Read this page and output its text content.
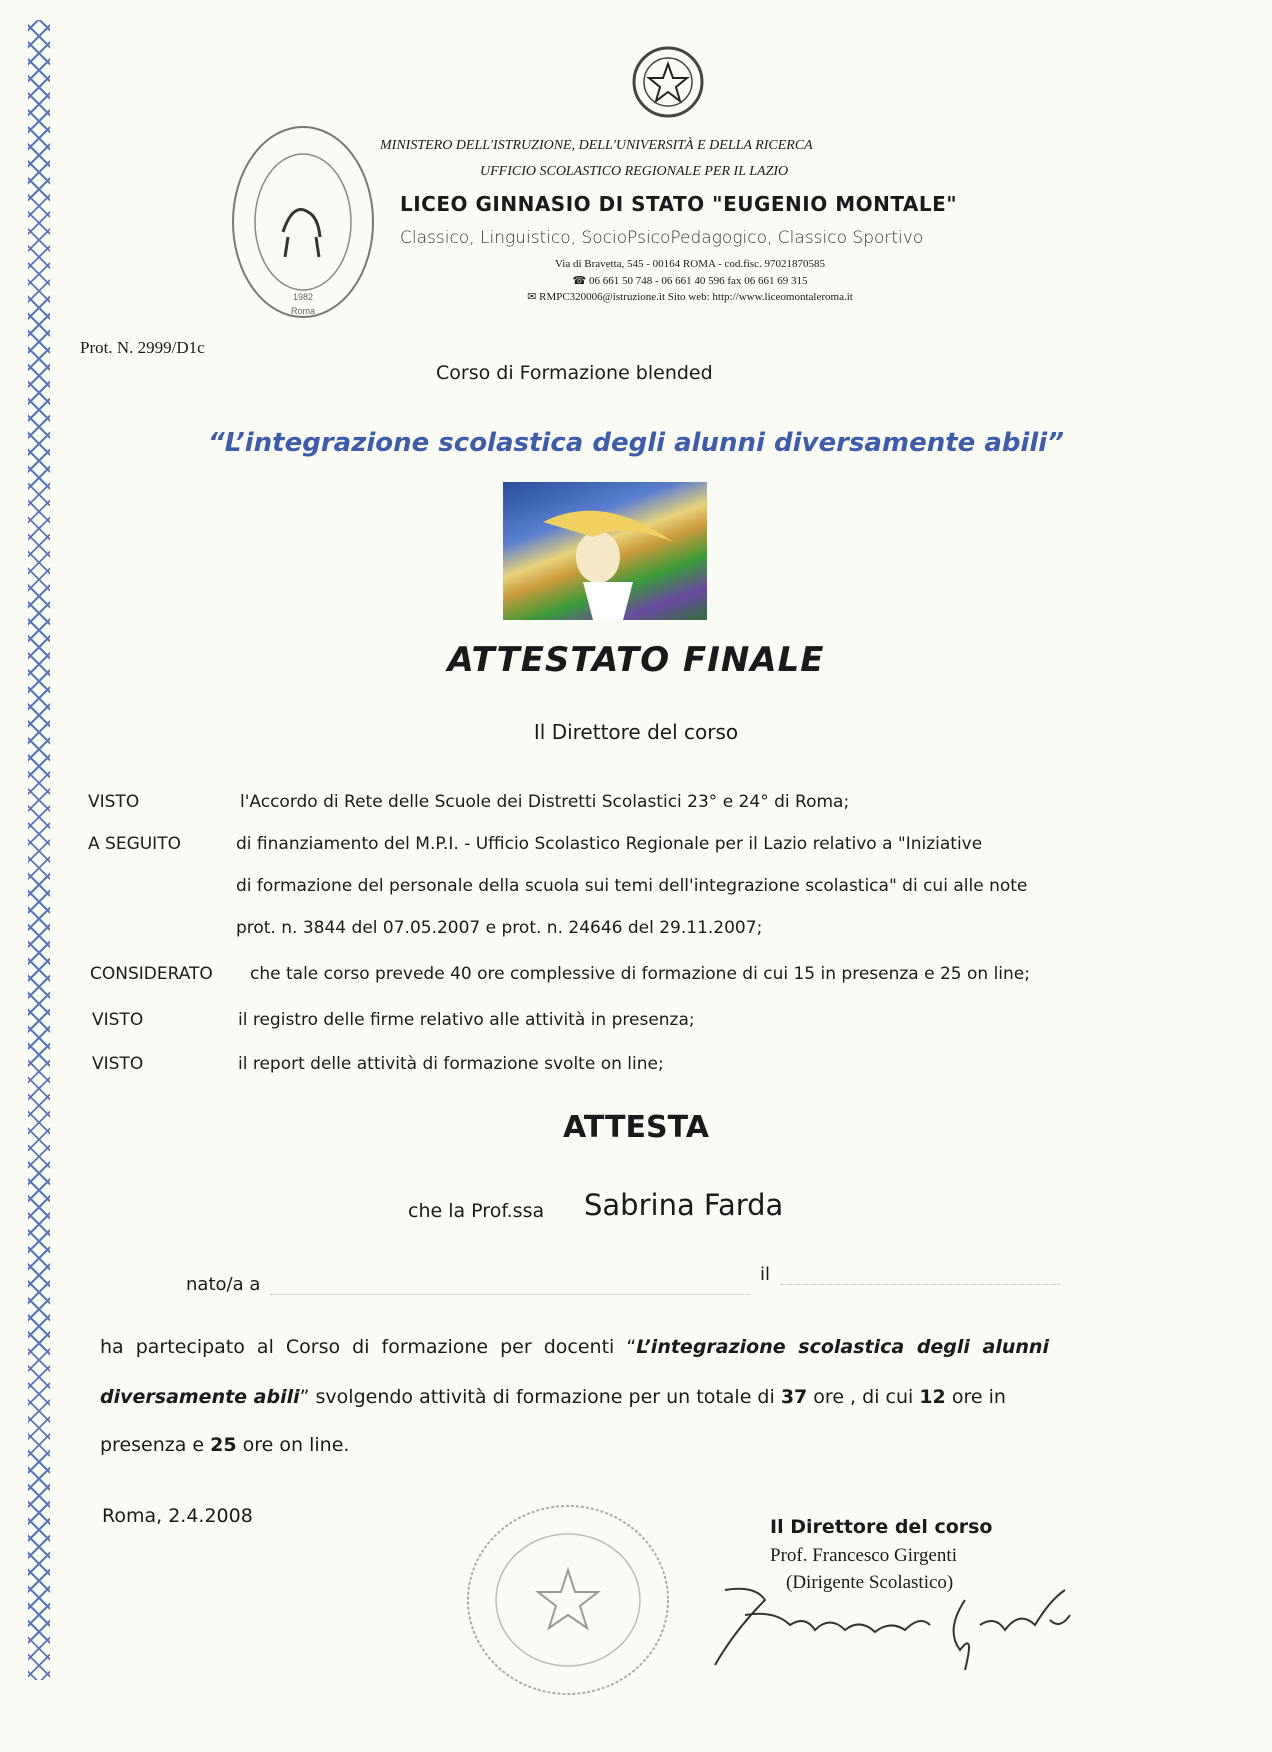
1982
Roma
MINISTERO DELL'ISTRUZIONE, DELL'UNIVERSITÀ E DELLA RICERCA
UFFICIO SCOLASTICO REGIONALE PER IL LAZIO
LICEO GINNASIO DI STATO "EUGENIO MONTALE"
Classico, Linguistico, SocioPsicoPedagogico, Classico Sportivo
Via di Bravetta, 545 - 00164 ROMA - cod.fisc. 97021870585
☎ 06 661 50 748 - 06 661 40 596 fax 06 661 69 315
✉ RMPC320006@istruzione.it Sito web: http://www.liceomontaleroma.it
Prot. N. 2999/D1c
Corso di Formazione blended
“L’integrazione scolastica degli alunni diversamente abili”
ATTESTATO FINALE
Il Direttore del corso
VISTO	l'Accordo di Rete delle Scuole dei Distretti Scolastici 23° e 24° di Roma;
A SEGUITO	di finanziamento del M.P.I. - Ufficio Scolastico Regionale per il Lazio relativo a "Iniziative
di formazione del personale della scuola sui temi dell'integrazione scolastica" di cui alle note
prot. n. 3844 del 07.05.2007 e prot. n. 24646 del 29.11.2007;
CONSIDERATO che tale corso prevede 40 ore complessive di formazione di cui 15 in presenza e 25 on line;
VISTO	il registro delle firme relativo alle attività in presenza;
VISTO	il report delle attività di formazione svolte on line;
ATTESTA
che la Prof.ssa Sabrina Farda
nato/a a	il
ha partecipato al Corso di formazione per docenti “L’integrazione scolastica degli alunni
diversamente abili” svolgendo attività di formazione per un totale di 37 ore , di cui 12 ore in
presenza e 25 ore on line.
Roma, 2.4.2008	Il Direttore del corso
Prof. Francesco Girgenti
(Dirigente Scolastico)
